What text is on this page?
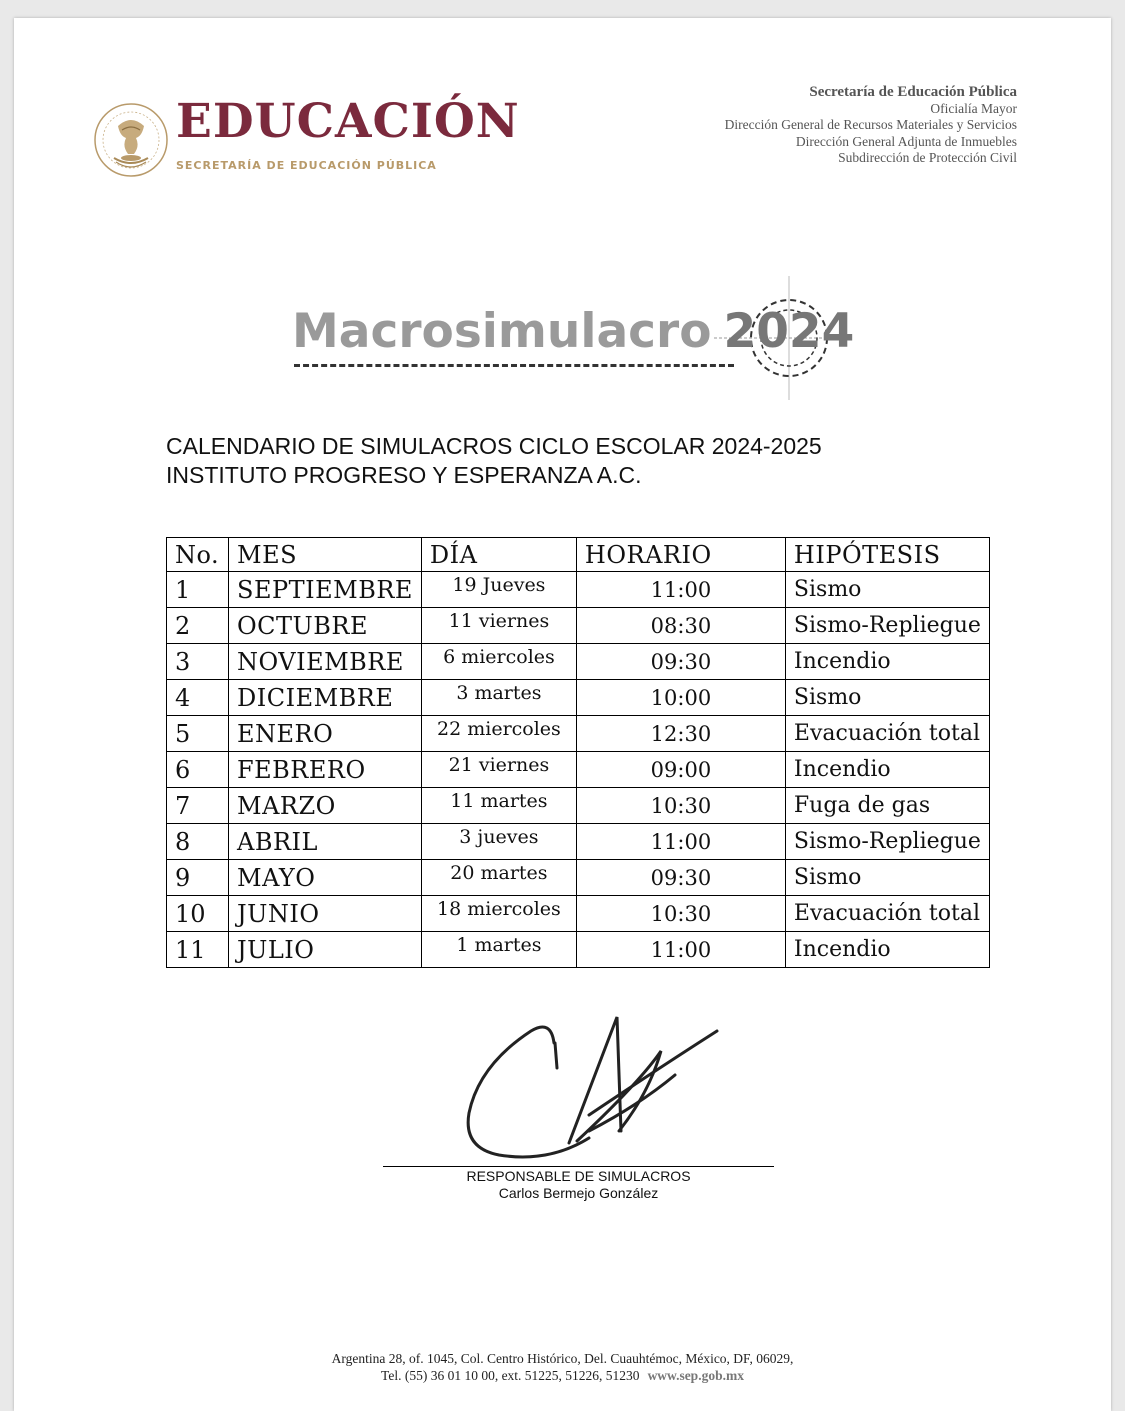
EDUCACIÓN
SECRETARÍA DE EDUCACIÓN PÚBLICA
Secretaría de Educación Pública
Oficialía Mayor
Dirección General de Recursos Materiales y Servicios
Dirección General Adjunta de Inmuebles
Subdirección de Protección Civil
Macrosimulacro 2024
CALENDARIO DE SIMULACROS CICLO ESCOLAR 2024-2025
INSTITUTO PROGRESO Y ESPERANZA A.C.
No.	MES	DÍA	HORARIO	HIPÓTESIS
1	SEPTIEMBRE	19 Jueves	11:00	Sismo
2	OCTUBRE	11 viernes	08:30	Sismo-Repliegue
3	NOVIEMBRE	6 miercoles	09:30	Incendio
4	DICIEMBRE	3 martes	10:00	Sismo
5	ENERO	22 miercoles	12:30	Evacuación total
6	FEBRERO	21 viernes	09:00	Incendio
7	MARZO	11 martes	10:30	Fuga de gas
8	ABRIL	3 jueves	11:00	Sismo-Repliegue
9	MAYO	20 martes	09:30	Sismo
10	JUNIO	18 miercoles	10:30	Evacuación total
11	JULIO	1 martes	11:00	Incendio
RESPONSABLE DE SIMULACROS
Carlos Bermejo González
Argentina 28, of. 1045, Col. Centro Histórico, Del. Cuauhtémoc, México, DF, 06029,
Tel. (55) 36 01 10 00, ext. 51225, 51226, 51230 www.sep.gob.mx
